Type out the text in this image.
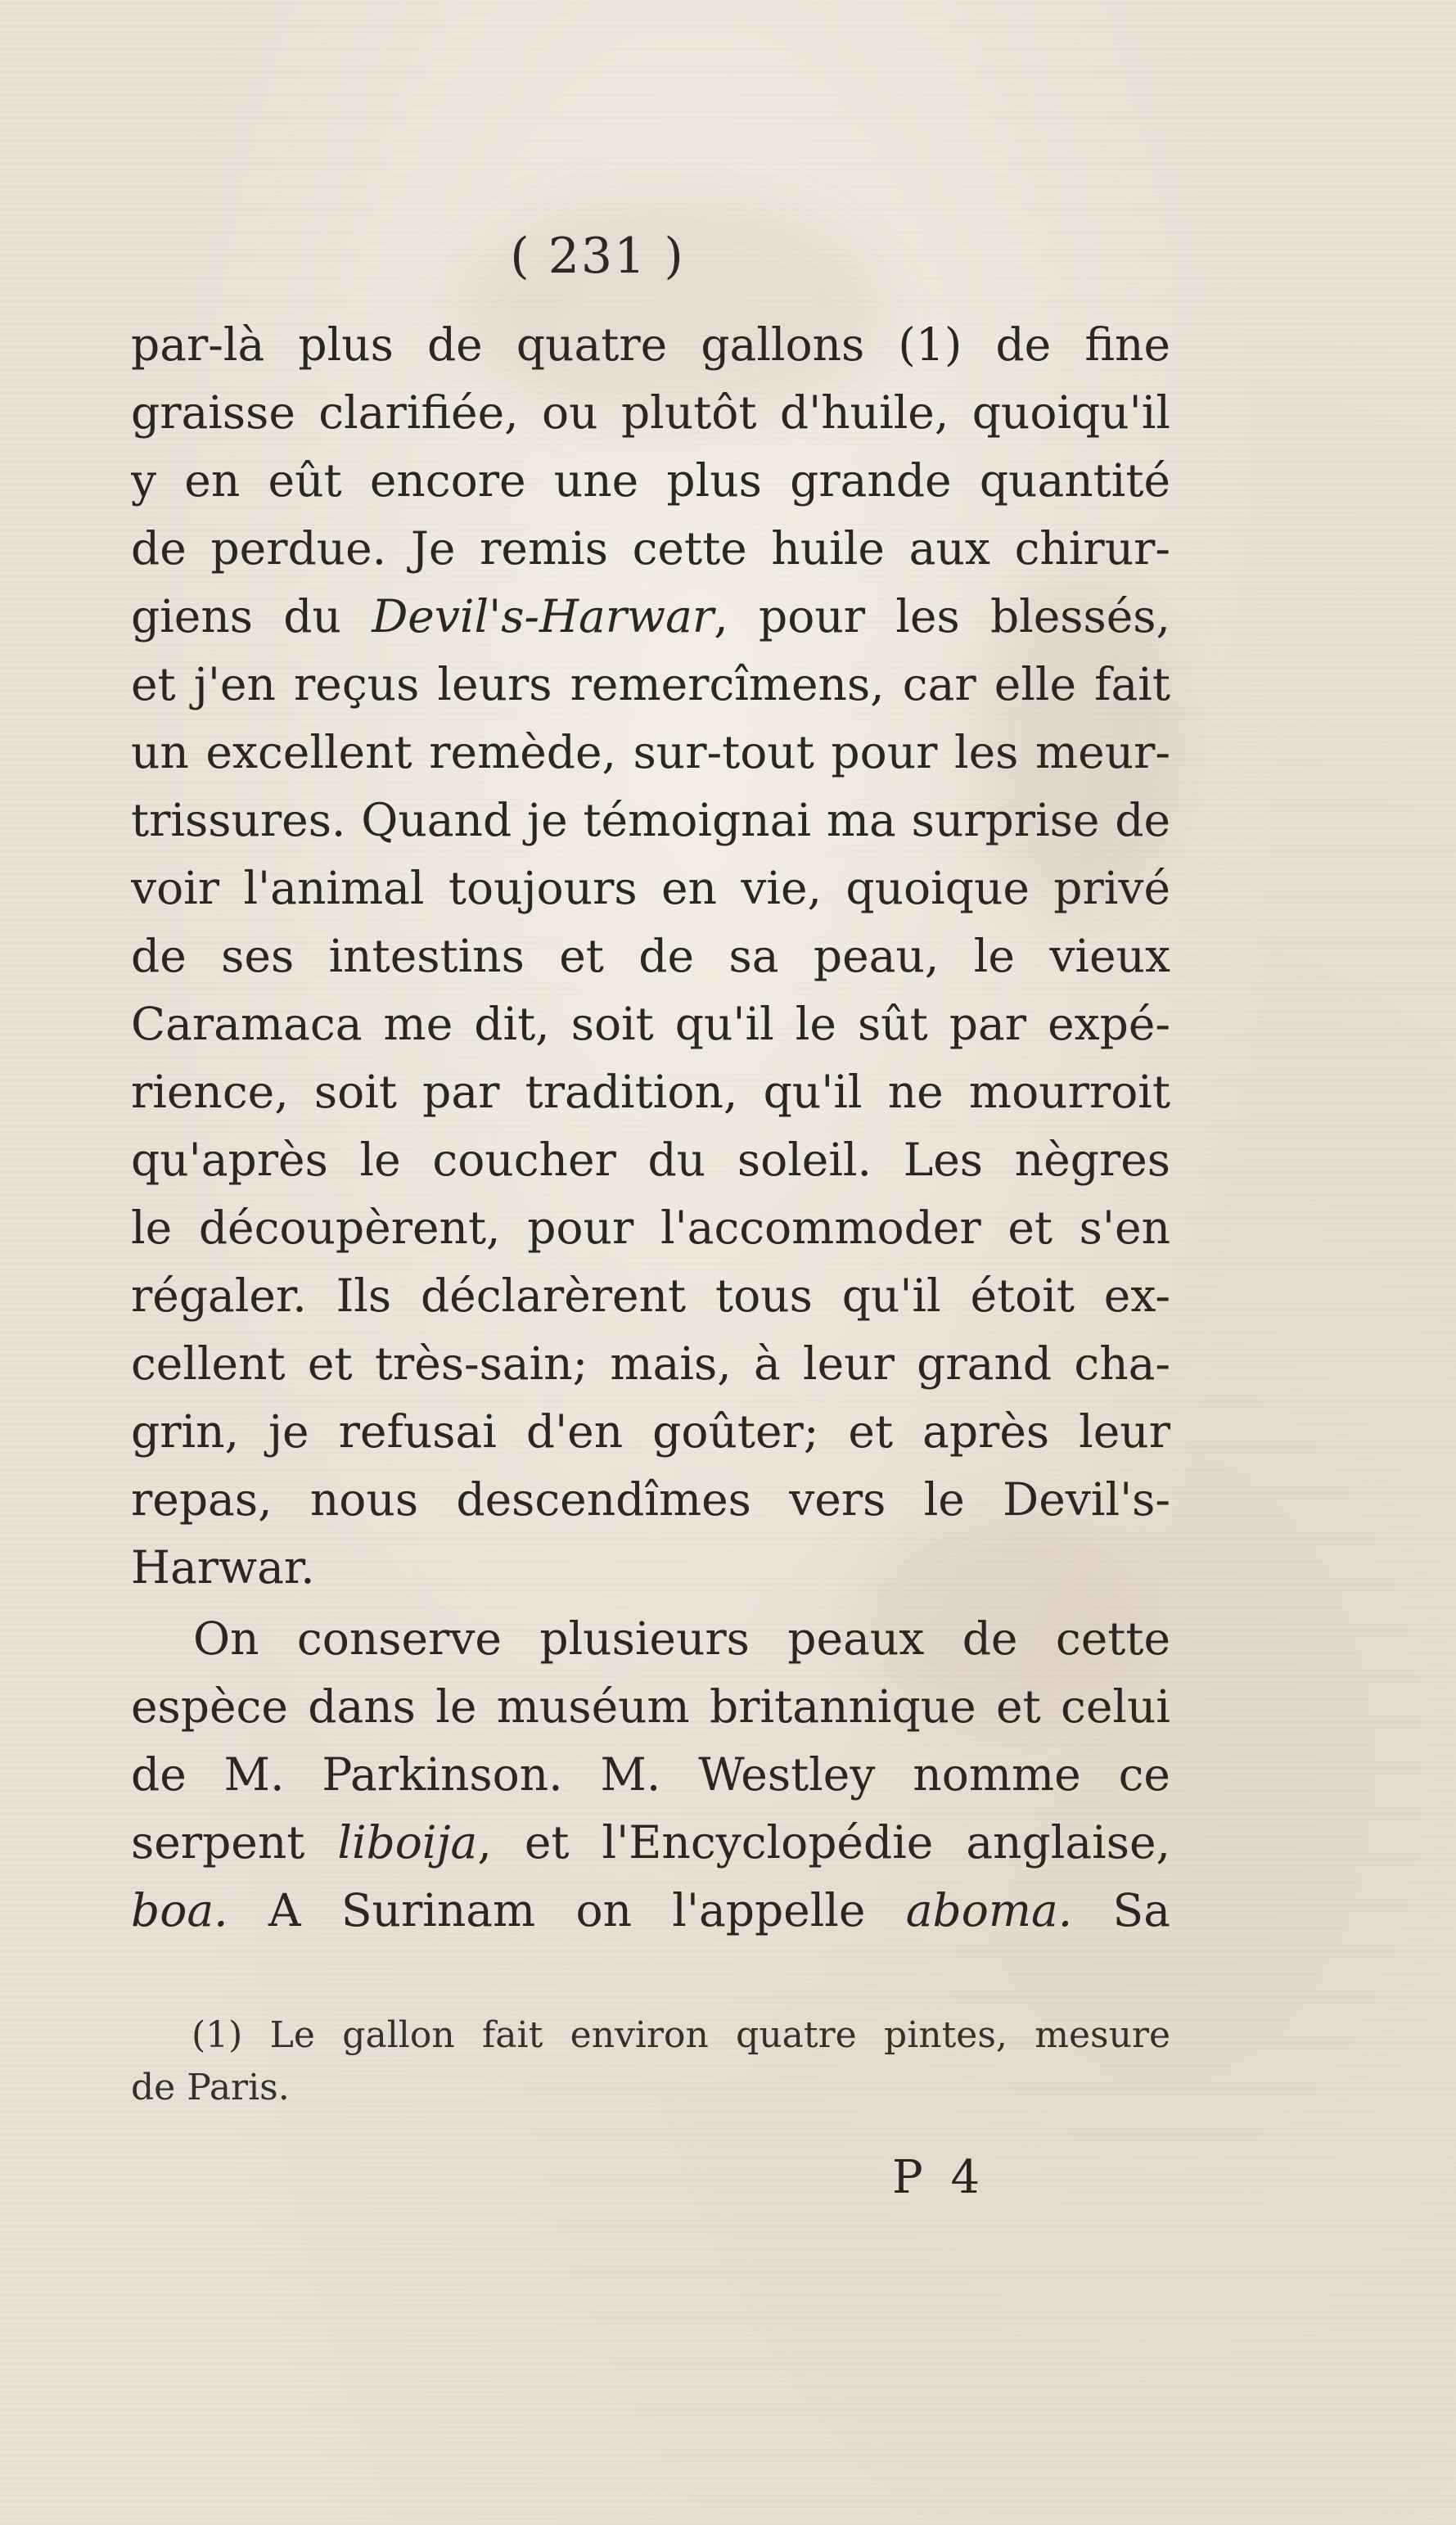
( 231 )
par-là plus de quatre gallons (1) de fine
graisse clarifiée, ou plutôt d'huile, quoiqu'il
y en eût encore une plus grande quantité
de perdue. Je remis cette huile aux chirur-
giens du Devil's-Harwar, pour les blessés,
et j'en reçus leurs remercîmens, car elle fait
un excellent remède, sur-tout pour les meur-
trissures. Quand je témoignai ma surprise de
voir l'animal toujours en vie, quoique privé
de ses intestins et de sa peau, le vieux
Caramaca me dit, soit qu'il le sût par expé-
rience, soit par tradition, qu'il ne mourroit
qu'après le coucher du soleil. Les nègres
le découpèrent, pour l'accommoder et s'en
régaler. Ils déclarèrent tous qu'il étoit ex-
cellent et très-sain; mais, à leur grand cha-
grin, je refusai d'en goûter; et après leur
repas, nous descendîmes vers le Devil's-
Harwar.
On conserve plusieurs peaux de cette
espèce dans le muséum britannique et celui
de M. Parkinson. M. Westley nomme ce
serpent liboija, et l'Encyclopédie anglaise,
boa. A Surinam on l'appelle aboma. Sa
(1) Le gallon fait environ quatre pintes, mesure
de Paris.
P 4
